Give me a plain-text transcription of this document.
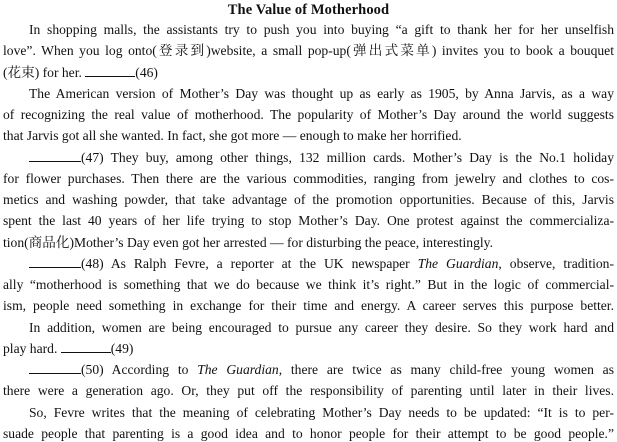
The Value of Motherhood
In shopping malls, the assistants try to push you into buying “a gift to thank her for her unselfish
love”. When you log onto(登录到)website, a small pop-up(弹出式菜单) invites you to book a bouquet
(花束) for her.	(46)
The American version of Mother’s Day was thought up as early as 1905, by Anna Jarvis, as a way
of recognizing the real value of motherhood. The popularity of Mother’s Day around the world suggests
that Jarvis got all she wanted. In fact, she got more — enough to make her horrified.
(47) They buy, among other things, 132 million cards. Mother’s Day is the No.1 holiday
for flower purchases. Then there are the various commodities, ranging from jewelry and clothes to cos-
metics and washing powder, that take advantage of the promotion opportunities. Because of this, Jarvis
spent the last 40 years of her life trying to stop Mother’s Day. One protest against the commercializa-
tion(商品化)Mother’s Day even got her arrested — for disturbing the peace, interestingly.
(48) As Ralph Fevre, a reporter at the UK newspaper The Guardian, observe, tradition-
ally “motherhood is something that we do because we think it’s right.” But in the logic of commercial-
ism, people need something in exchange for their time and energy. A career serves this purpose better.
In addition, women are being encouraged to pursue any career they desire. So they work hard and
play hard.	(49)
(50) According to The Guardian, there are twice as many child-free young women as
there were a generation ago. Or, they put off the responsibility of parenting until later in their lives.
So, Fevre writes that the meaning of celebrating Mother’s Day needs to be updated: “It is to per-
suade people that parenting is a good idea and to honor people for their attempt to be good people.”
